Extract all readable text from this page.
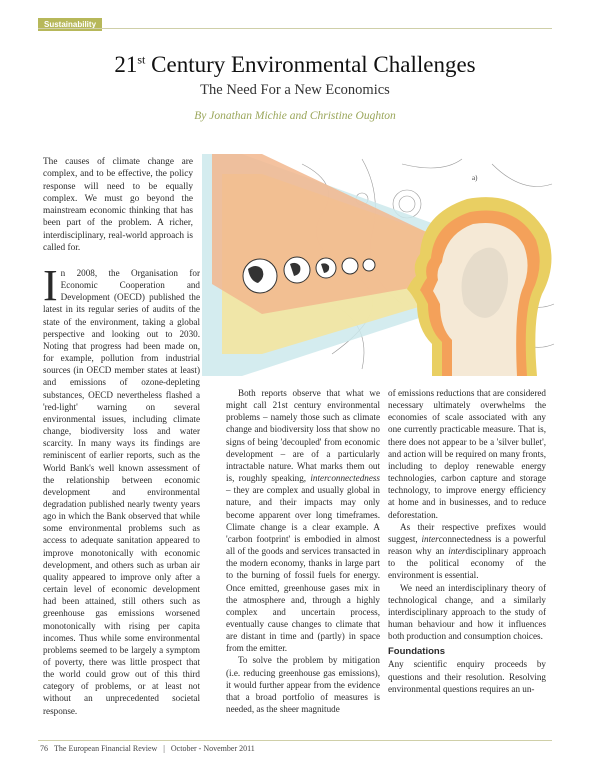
Sustainability
21st Century Environmental Challenges
The Need For a New Economics
By Jonathan Michie and Christine Oughton
The causes of climate change are complex, and to be effective, the policy response will need to be equally complex. We must go beyond the mainstream economic thinking that has been part of the problem. A richer, interdisciplinary, real-world approach is called for.
a)

In 2008, the Organisation for Economic Cooperation and Development (OECD) published the latest in its regular series of audits of the state of the environment, taking a global perspective and looking out to 2030. Noting that progress had been made on, for example, pollution from industrial sources (in OECD member states at least) and emissions of ozone-depleting substances, OECD nevertheless flashed a 'red-light' warning on several environmental issues, including climate change, biodiversity loss and water scarcity. In many ways its findings are reminiscent of earlier reports, such as the World Bank's well known assessment of the relationship between economic development and environmental degradation published nearly twenty years ago in which the Bank observed that while some environmental problems such as access to adequate sanitation appeared to improve monotonically with economic development, and others such as urban air quality appeared to improve only after a certain level of economic development had been attained, still others such as greenhouse gas emissions worsened monotonically with rising per capita incomes. Thus while some environmental problems seemed to be largely a symptom of poverty, there was little prospect that the world could grow out of this third category of problems, or at least not without an unprecedented societal response.

Both reports observe that what we might call 21st century environmental problems – namely those such as climate change and biodiversity loss that show no signs of being 'decoupled' from economic development – are of a particularly intractable nature. What marks them out is, roughly speaking, interconnectedness – they are complex and usually global in nature, and their impacts may only become apparent over long timeframes. Climate change is a clear example. A 'carbon footprint' is embodied in almost all of the goods and services transacted in the modern economy, thanks in large part to the burning of fossil fuels for energy. Once emitted, greenhouse gases mix in the atmosphere and, through a highly complex and uncertain process, eventually cause changes to climate that are distant in time and (partly) in space from the emitter.

To solve the problem by mitigation (i.e. reducing greenhouse gas emissions), it would further appear from the evidence that a broad portfolio of measures is needed, as the sheer magnitude

of emissions reductions that are considered necessary ultimately overwhelms the economies of scale associated with any one currently practicable measure. That is, there does not appear to be a 'silver bullet', and action will be required on many fronts, including to deploy renewable energy technologies, carbon capture and storage technology, to improve energy efficiency at home and in businesses, and to reduce deforestation.

As their respective prefixes would suggest, interconnectedness is a powerful reason why an interdisciplinary approach to the political economy of the environment is essential.

We need an interdisciplinary theory of technological change, and a similarly interdisciplinary approach to the study of human behaviour and how it influences both production and consumption choices.

Foundations

Any scientific enquiry proceeds by questions and their resolution. Resolving environmental questions requires an un-

76 The European Financial Review | October - November 2011
